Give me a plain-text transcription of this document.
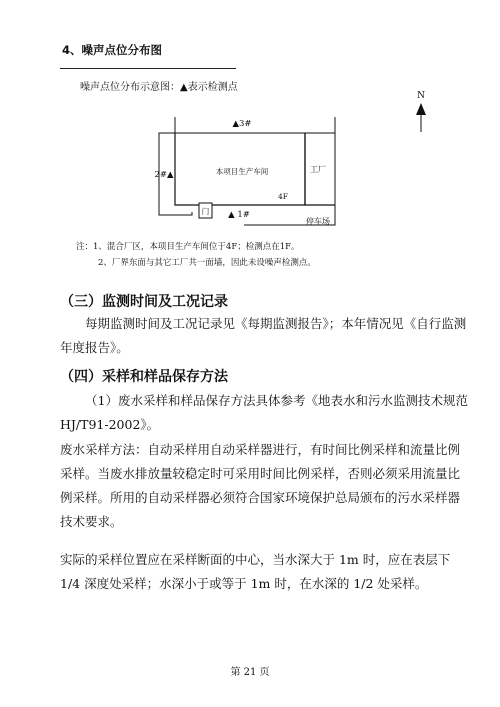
4、噪声点位分布图
噪声点位分布示意图：▲表示检测点
N
门
▲3#
2#▲	本项目生产车间
4F
工厂
▲ 1#
停车场
注：1、混合厂区，本项目生产车间位于4F；检测点在1F。
2、厂界东面与其它工厂共一面墙，因此未设噪声检测点。
（三）监测时间及工况记录
每期监测时间及工况记录见《每期监测报告》；本年情况见《自行监测年度报告》。
（四）采样和样品保存方法
（1）废水采样和样品保存方法具体参考《地表水和污水监测技术规范HJ/T91-2002》。
废水采样方法：自动采样用自动采样器进行，有时间比例采样和流量比例采样。当废水排放量较稳定时可采用时间比例采样，否则必须采用流量比例采样。所用的自动采样器必须符合国家环境保护总局颁布的污水采样器技术要求。
实际的采样位置应在采样断面的中心，当水深大于 1m 时，应在表层下 1/4 深度处采样；水深小于或等于 1m 时，在水深的 1/2 处采样。
第 21 页
